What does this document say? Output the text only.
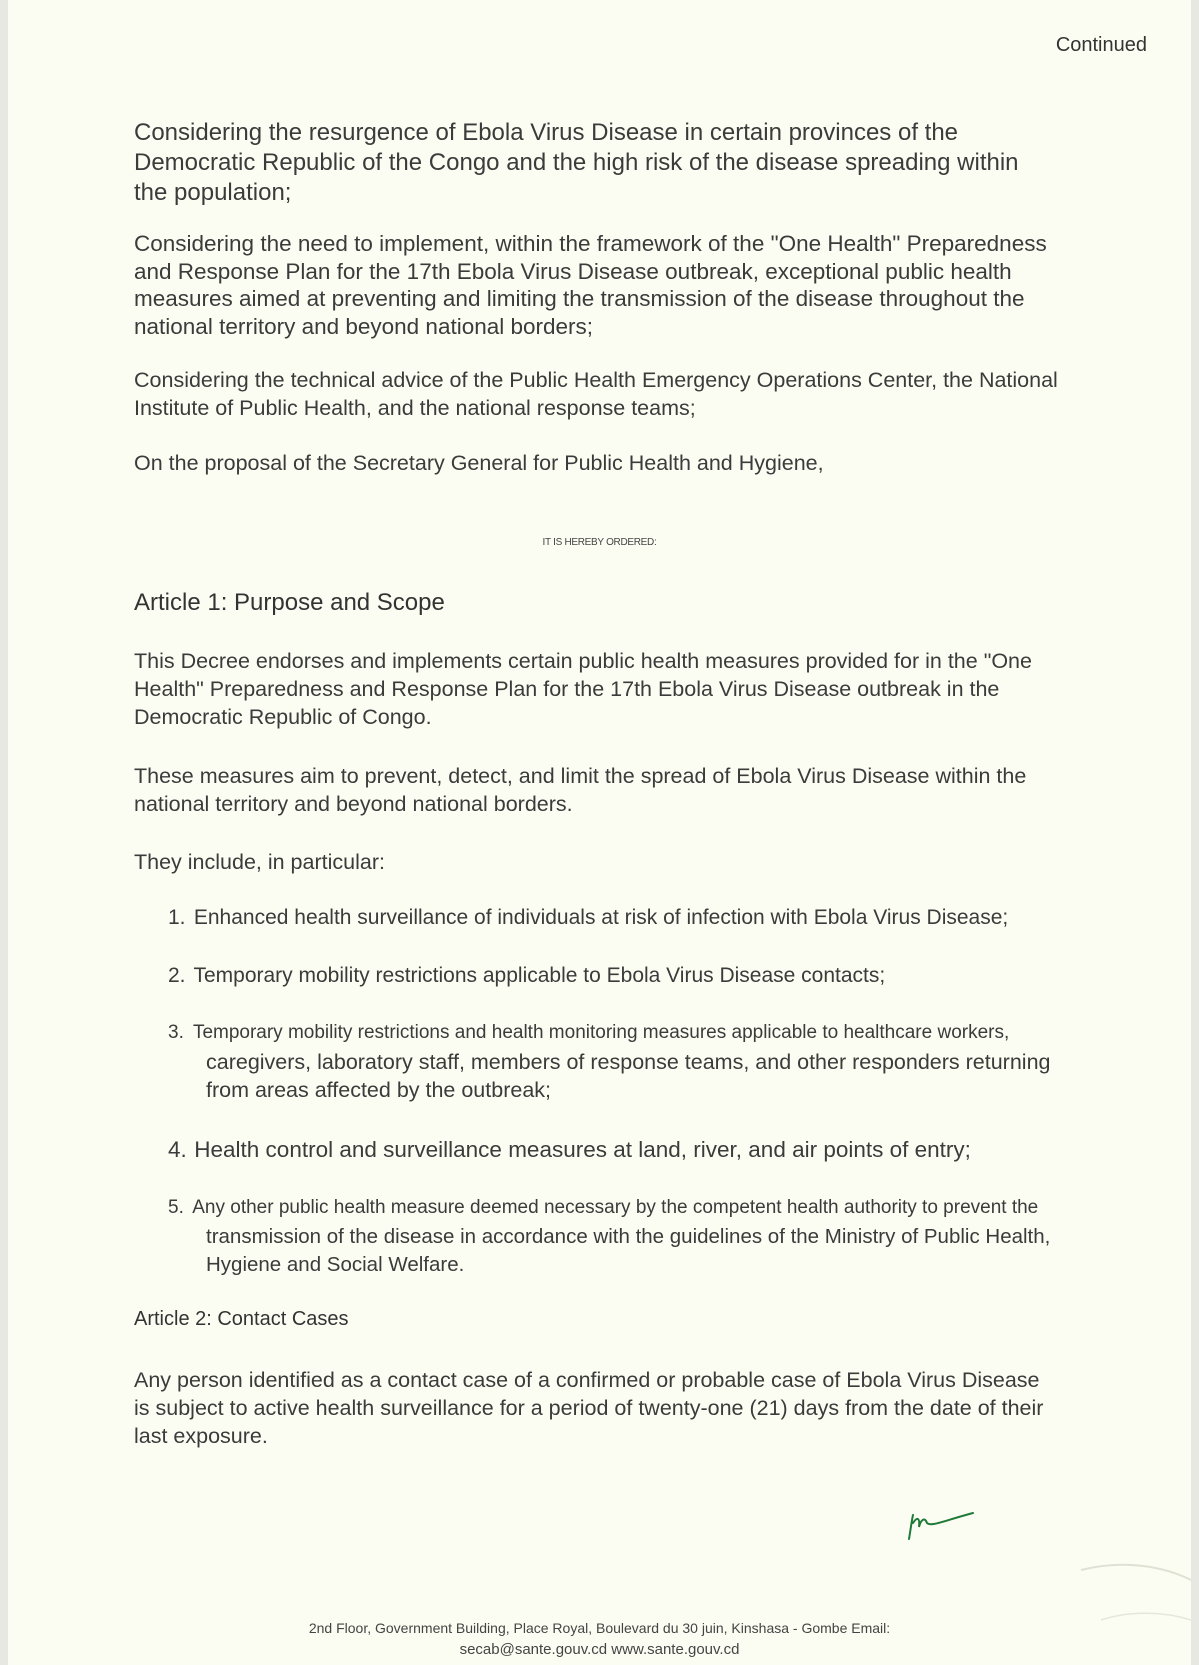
Continued
Considering the resurgence of Ebola Virus Disease in certain provinces of the Democratic Republic of the Congo and the high risk of the disease spreading within the population;
Considering the need to implement, within the framework of the "One Health" Preparedness and Response Plan for the 17th Ebola Virus Disease outbreak, exceptional public health measures aimed at preventing and limiting the transmission of the disease throughout the national territory and beyond national borders;
Considering the technical advice of the Public Health Emergency Operations Center, the National Institute of Public Health, and the national response teams;
On the proposal of the Secretary General for Public Health and Hygiene,
IT IS HEREBY ORDERED:
Article 1: Purpose and Scope
This Decree endorses and implements certain public health measures provided for in the "One Health" Preparedness and Response Plan for the 17th Ebola Virus Disease outbreak in the Democratic Republic of Congo.
These measures aim to prevent, detect, and limit the spread of Ebola Virus Disease within the national territory and beyond national borders.
They include, in particular:
1. Enhanced health surveillance of individuals at risk of infection with Ebola Virus Disease;
2. Temporary mobility restrictions applicable to Ebola Virus Disease contacts;
3. Temporary mobility restrictions and health monitoring measures applicable to healthcare workers,
caregivers, laboratory staff, members of response teams, and other responders returning from areas affected by the outbreak;
4. Health control and surveillance measures at land, river, and air points of entry;
5. Any other public health measure deemed necessary by the competent health authority to prevent the
transmission of the disease in accordance with the guidelines of the Ministry of Public Health, Hygiene and Social Welfare.
Article 2: Contact Cases
Any person identified as a contact case of a confirmed or probable case of Ebola Virus Disease is subject to active health surveillance for a period of twenty-one (21) days from the date of their last exposure.
2nd Floor, Government Building, Place Royal, Boulevard du 30 juin, Kinshasa - Gombe Email:
secab@sante.gouv.cd www.sante.gouv.cd
